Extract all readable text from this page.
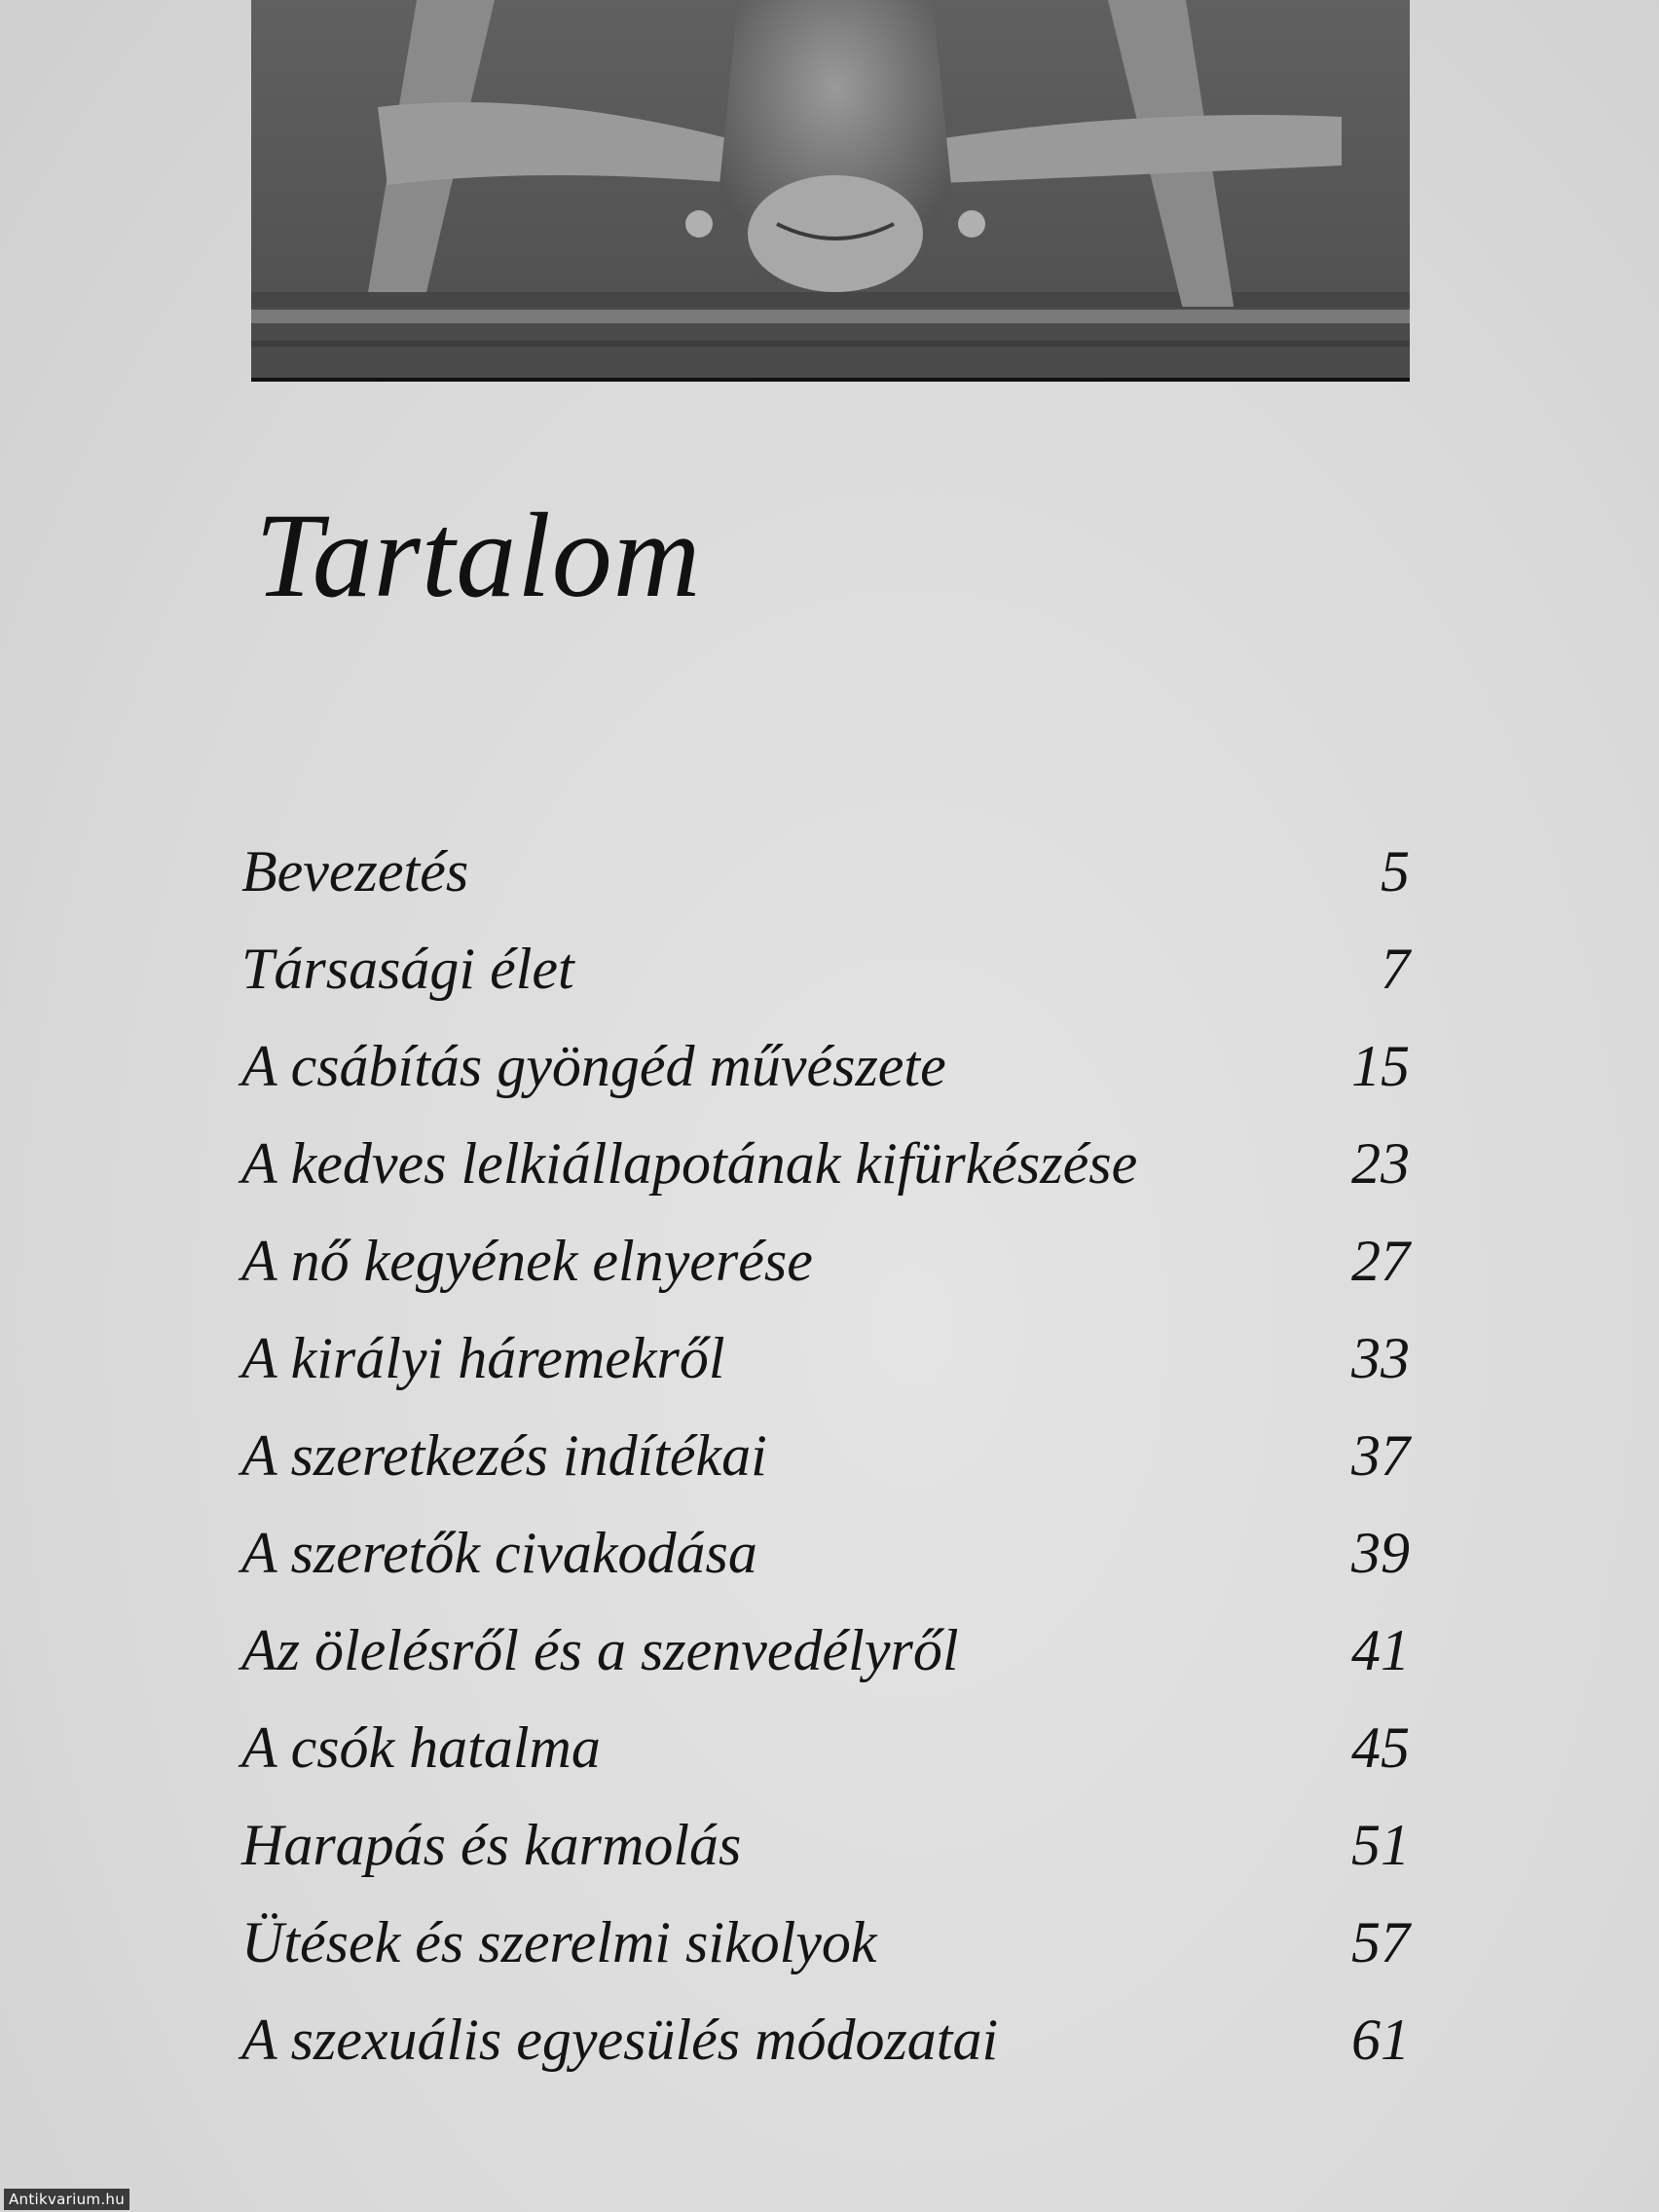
Tartalom
Bevezetés	5
Társasági élet	7
A csábítás gyöngéd művészete	15
A kedves lelkiállapotának kifürkészése	23
A nő kegyének elnyerése	27
A királyi háremekről	33
A szeretkezés indítékai	37
A szeretők civakodása	39
Az ölelésről és a szenvedélyről	41
A csók hatalma	45
Harapás és karmolás	51
Ütések és szerelmi sikolyok	57
A szexuális egyesülés módozatai	61
Antikvarium.hu
